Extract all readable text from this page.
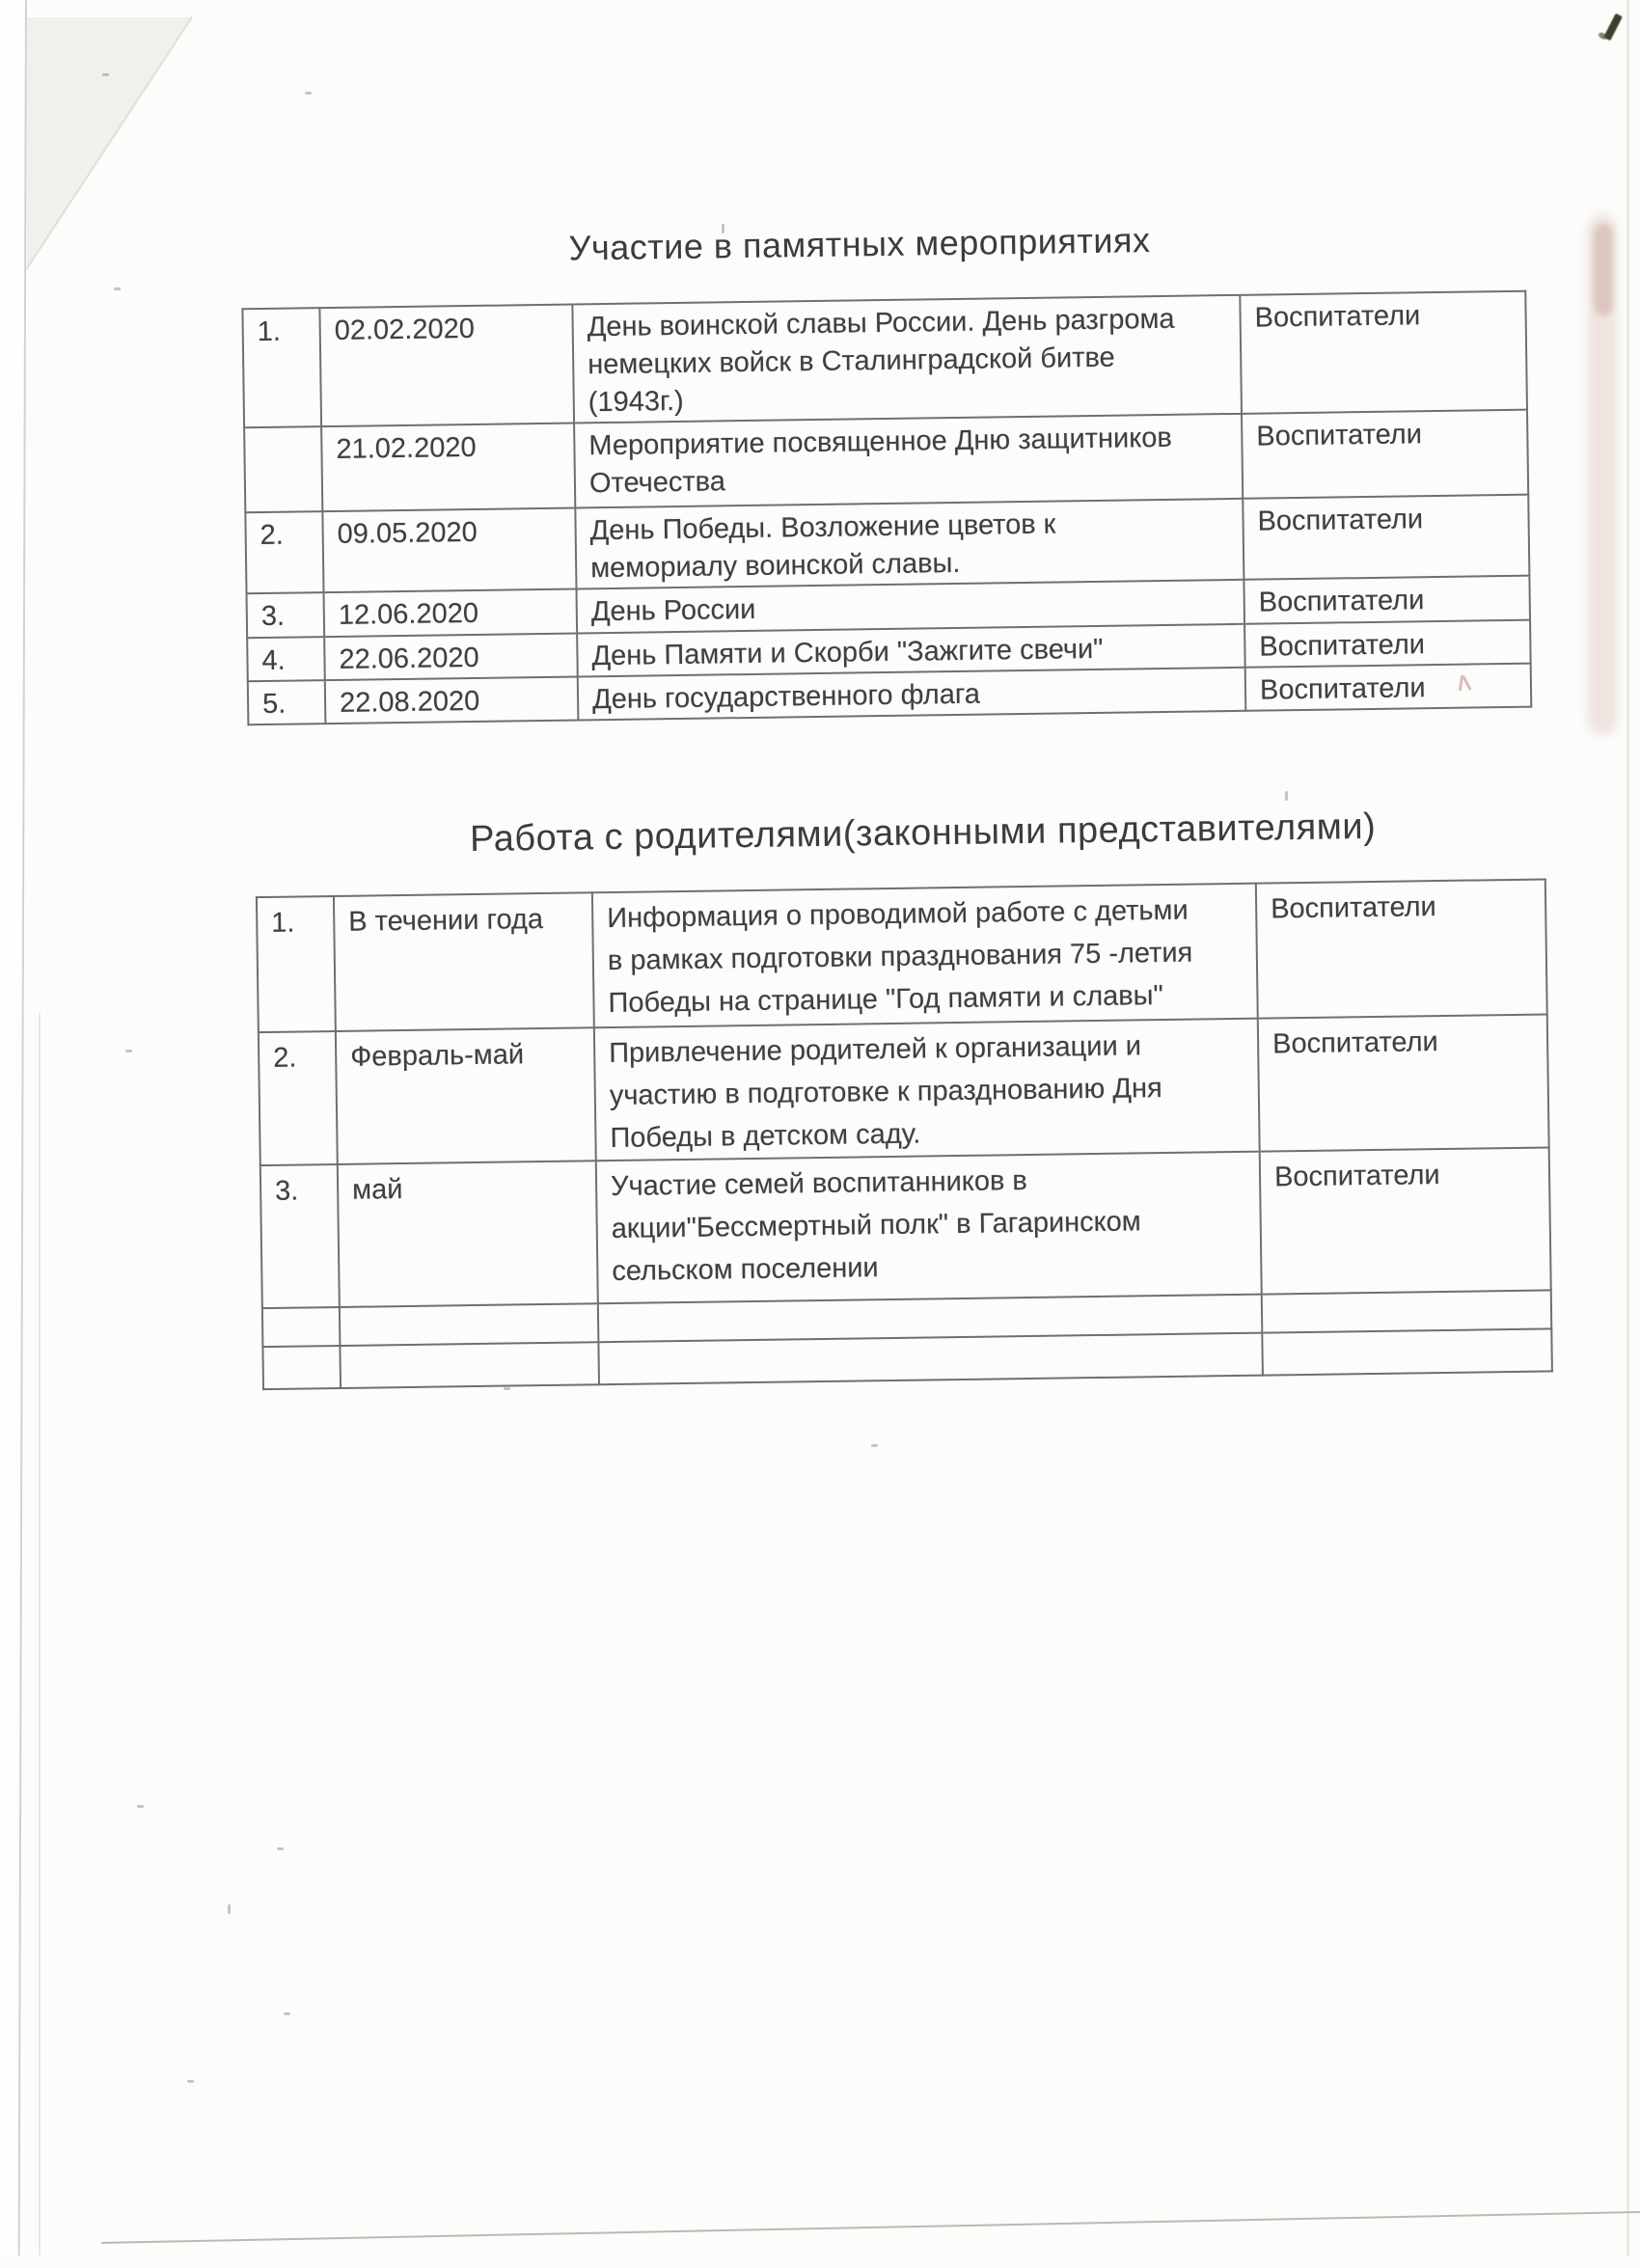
Участие в памятных мероприятиях
1.	02.02.2020	День воинской славы России. День разгрома
немецких войск в Сталинградской битве
(1943г.)	Воспитатели
	21.02.2020	Мероприятие посвященное Дню защитников
Отечества	Воспитатели
2.	09.05.2020	День Победы. Возложение цветов к
мемориалу воинской славы.	Воспитатели
3.	12.06.2020	День России	Воспитатели
4.	22.06.2020	День Памяти и Скорби "Зажгите свечи"	Воспитатели
5.	22.08.2020	День государственного флага	Воспитатели
Работа с родителями(законными представителями)
1.	В течении года	Информация о проводимой работе с детьми
в рамках подготовки празднования 75 -летия
Победы на странице "Год памяти и славы"	Воспитатели
2.	Февраль-май	Привлечение родителей к организации и
участию в подготовке к празднованию Дня
Победы в детском саду.	Воспитатели
3.	май	Участие семей воспитанников в
акции"Бессмертный полк" в Гагаринском
сельском поселении	Воспитатели
